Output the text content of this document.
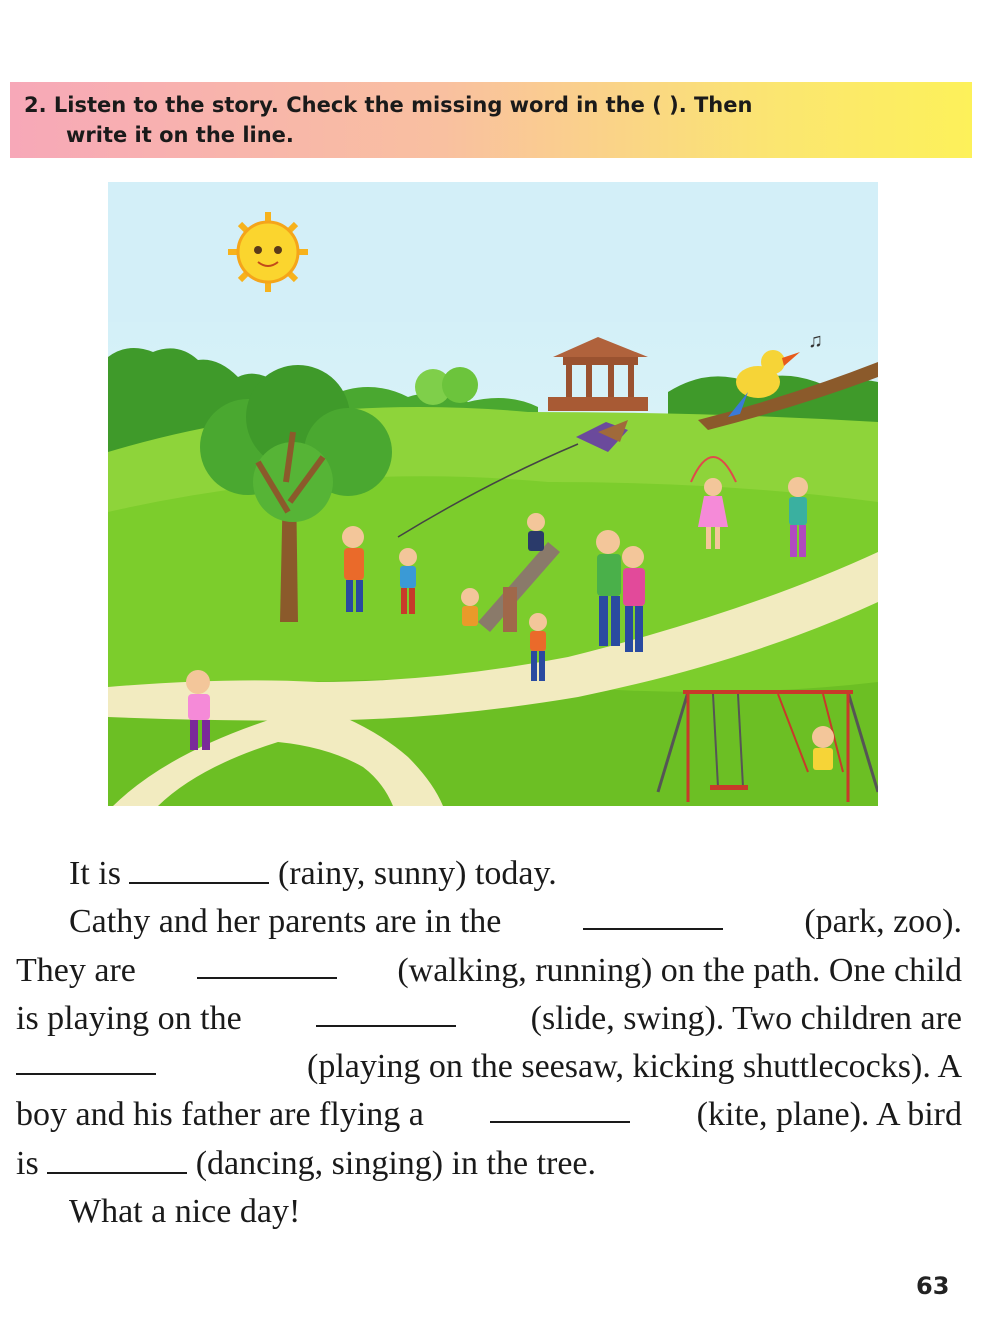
2. Listen to the story. Check the missing word in the ( ). Then
write it on the line.
♫
It is	(rainy, sunny) today.
Cathy and her parents are in the	(park, zoo).
They are	(walking, running) on the path. One child
is playing on the	(slide, swing). Two children are
(playing on the seesaw, kicking shuttlecocks). A
boy and his father are flying a	(kite, plane). A bird
is	(dancing, singing) in the tree.
What a nice day!
63
